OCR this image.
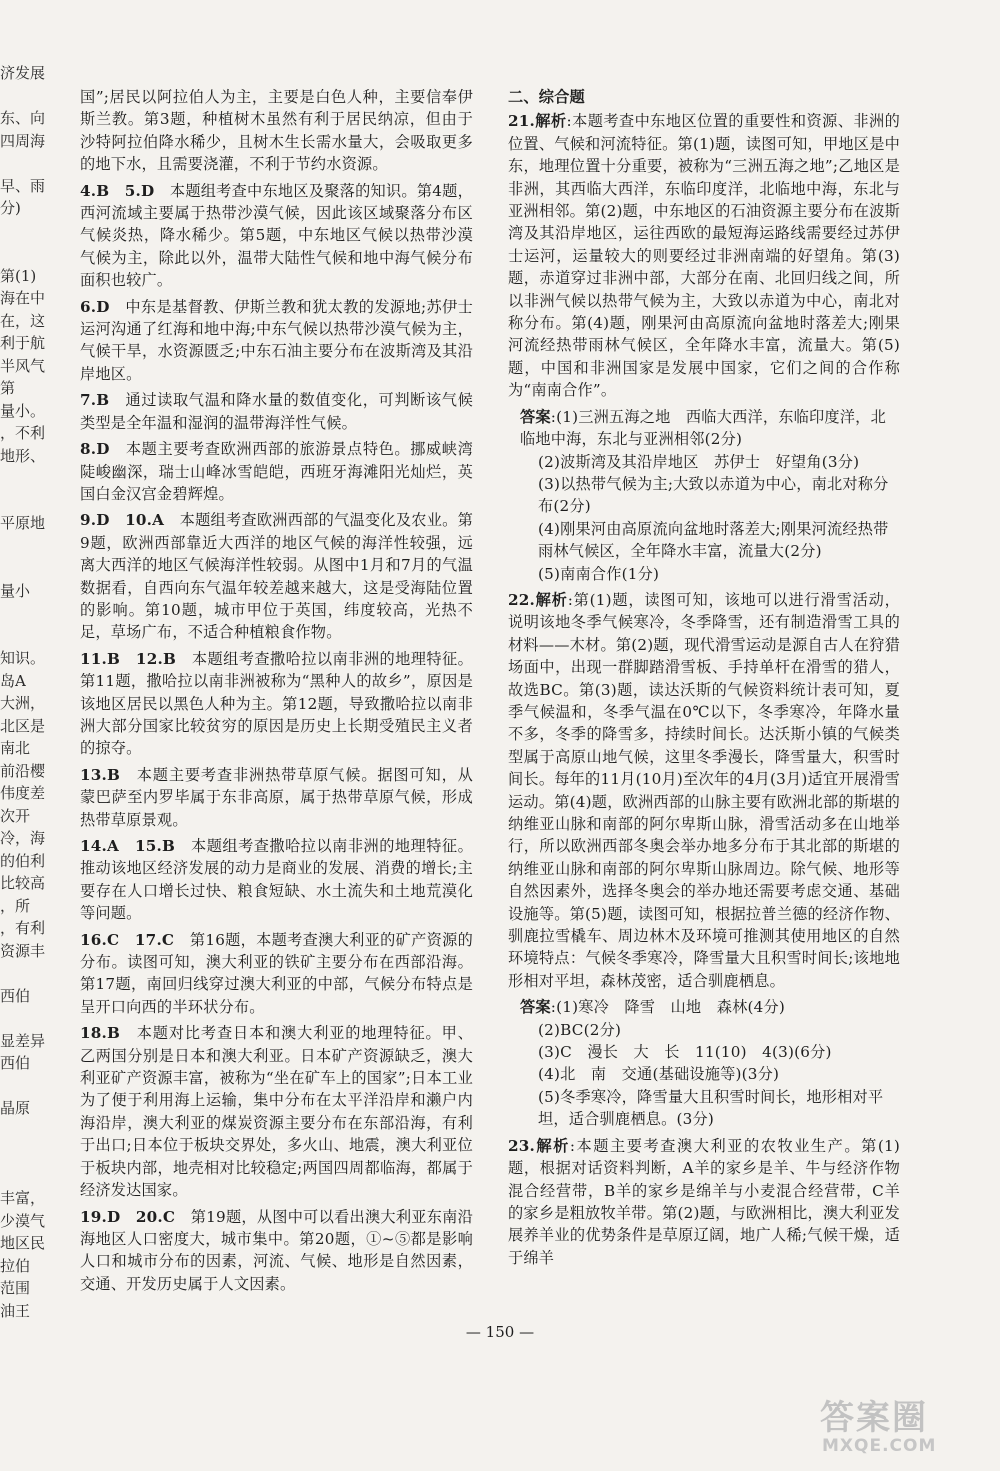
济发展
东、向
四周海
早、雨
分)
第(1)
海在中
在，这
利于航
半风气
第
量小。
，不利
地形、
平原地
量小
知识。
岛A
大洲，
北区是
南北
前沿樱
伟度差
次开
冷，海
的伯利
比较高
，所
，有利
资源丰
西伯
显差异
西伯
晶原
丰富，
少漠气
地区民
拉伯
范围
油王
国”;居民以阿拉伯人为主，主要是白色人种，主要信奉伊斯兰教。第3题，种植树木虽然有利于居民纳凉，但由于沙特阿拉伯降水稀少，且树木生长需水量大，会吸取更多的地下水，且需要浇灌，不利于节约水资源。
4.B　5.D　本题组考查中东地区及聚落的知识。第4题，西河流域主要属于热带沙漠气候，因此该区域聚落分布区气候炎热，降水稀少。第5题，中东地区气候以热带沙漠气候为主，除此以外，温带大陆性气候和地中海气候分布面积也较广。
6.D　中东是基督教、伊斯兰教和犹太教的发源地;苏伊士运河沟通了红海和地中海;中东气候以热带沙漠气候为主，气候干旱，水资源匮乏;中东石油主要分布在波斯湾及其沿岸地区。
7.B　通过读取气温和降水量的数值变化，可判断该气候类型是全年温和湿润的温带海洋性气候。
8.D　本题主要考查欧洲西部的旅游景点特色。挪威峡湾陡峻幽深，瑞士山峰冰雪皑皑，西班牙海滩阳光灿烂，英国白金汉宫金碧辉煌。
9.D　10.A　本题组考查欧洲西部的气温变化及农业。第9题，欧洲西部靠近大西洋的地区气候的海洋性较强，远离大西洋的地区气候海洋性较弱。从图中1月和7月的气温数据看，自西向东气温年较差越来越大，这是受海陆位置的影响。第10题，城市甲位于英国，纬度较高，光热不足，草场广布，不适合种植粮食作物。
11.B　12.B　本题组考查撒哈拉以南非洲的地理特征。第11题，撒哈拉以南非洲被称为“黑种人的故乡”，原因是该地区居民以黑色人种为主。第12题，导致撒哈拉以南非洲大部分国家比较贫穷的原因是历史上长期受殖民主义者的掠夺。
13.B　本题主要考查非洲热带草原气候。据图可知，从蒙巴萨至内罗毕属于东非高原，属于热带草原气候，形成热带草原景观。
14.A　15.B　本题组考查撒哈拉以南非洲的地理特征。推动该地区经济发展的动力是商业的发展、消费的增长;主要存在人口增长过快、粮食短缺、水土流失和土地荒漠化等问题。
16.C　17.C　第16题，本题考查澳大利亚的矿产资源的分布。读图可知，澳大利亚的铁矿主要分布在西部沿海。第17题，南回归线穿过澳大利亚的中部，气候分布特点是呈开口向西的半环状分布。
18.B　本题对比考查日本和澳大利亚的地理特征。甲、乙两国分别是日本和澳大利亚。日本矿产资源缺乏，澳大利亚矿产资源丰富，被称为“坐在矿车上的国家”;日本工业为了便于利用海上运输，集中分布在太平洋沿岸和濑户内海沿岸，澳大利亚的煤炭资源主要分布在东部沿海，有利于出口;日本位于板块交界处，多火山、地震，澳大利亚位于板块内部，地壳相对比较稳定;两国四周都临海，都属于经济发达国家。
19.D　20.C　第19题，从图中可以看出澳大利亚东南沿海地区人口密度大，城市集中。第20题，①~⑤都是影响人口和城市分布的因素，河流、气候、地形是自然因素，交通、开发历史属于人文因素。
二、综合题
21.解析:本题考查中东地区位置的重要性和资源、非洲的位置、气候和河流特征。第(1)题，读图可知，甲地区是中东，地理位置十分重要，被称为“三洲五海之地”;乙地区是非洲，其西临大西洋，东临印度洋，北临地中海，东北与亚洲相邻。第(2)题，中东地区的石油资源主要分布在波斯湾及其沿岸地区，运往西欧的最短海运路线需要经过苏伊士运河，运量较大的则要经过非洲南端的好望角。第(3)题，赤道穿过非洲中部，大部分在南、北回归线之间，所以非洲气候以热带气候为主，大致以赤道为中心，南北对称分布。第(4)题，刚果河由高原流向盆地时落差大;刚果河流经热带雨林气候区，全年降水丰富，流量大。第(5)题，中国和非洲国家是发展中国家，它们之间的合作称为“南南合作”。
答案:(1)三洲五海之地　西临大西洋，东临印度洋，北临地中海，东北与亚洲相邻(2分)
(2)波斯湾及其沿岸地区　苏伊士　好望角(3分)
(3)以热带气候为主;大致以赤道为中心，南北对称分布(2分)
(4)刚果河由高原流向盆地时落差大;刚果河流经热带雨林气候区，全年降水丰富，流量大(2分)
(5)南南合作(1分)
22.解析:第(1)题，读图可知，该地可以进行滑雪活动，说明该地冬季气候寒冷，冬季降雪，还有制造滑雪工具的材料——木材。第(2)题，现代滑雪运动是源自古人在狩猎场面中，出现一群脚踏滑雪板、手持单杆在滑雪的猎人，故选BC。第(3)题，读达沃斯的气候资料统计表可知，夏季气候温和，冬季气温在0℃以下，冬季寒冷，年降水量不多，冬季的降雪多，持续时间长。达沃斯小镇的气候类型属于高原山地气候，这里冬季漫长，降雪量大，积雪时间长。每年的11月(10月)至次年的4月(3月)适宜开展滑雪运动。第(4)题，欧洲西部的山脉主要有欧洲北部的斯堪的纳维亚山脉和南部的阿尔卑斯山脉，滑雪活动多在山地举行，所以欧洲西部冬奥会举办地多分布于其北部的斯堪的纳维亚山脉和南部的阿尔卑斯山脉周边。除气候、地形等自然因素外，选择冬奥会的举办地还需要考虑交通、基础设施等。第(5)题，读图可知，根据拉普兰德的经济作物、驯鹿拉雪橇车、周边林木及环境可推测其使用地区的自然环境特点：气候冬季寒冷，降雪量大且积雪时间长;该地地形相对平坦，森林茂密，适合驯鹿栖息。
答案:(1)寒冷　降雪　山地　森林(4分)
(2)BC(2分)
(3)C　漫长　大　长　11(10)　4(3)(6分)
(4)北　南　交通(基础设施等)(3分)
(5)冬季寒冷，降雪量大且积雪时间长，地形相对平坦，适合驯鹿栖息。(3分)
23.解析:本题主要考查澳大利亚的农牧业生产。第(1)题，根据对话资料判断，A羊的家乡是羊、牛与经济作物混合经营带，B羊的家乡是绵羊与小麦混合经营带，C羊的家乡是粗放牧羊带。第(2)题，与欧洲相比，澳大利亚发展养羊业的优势条件是草原辽阔，地广人稀;气候干燥，适于绵羊
— 150 —
答案圈
MXQE.COM
